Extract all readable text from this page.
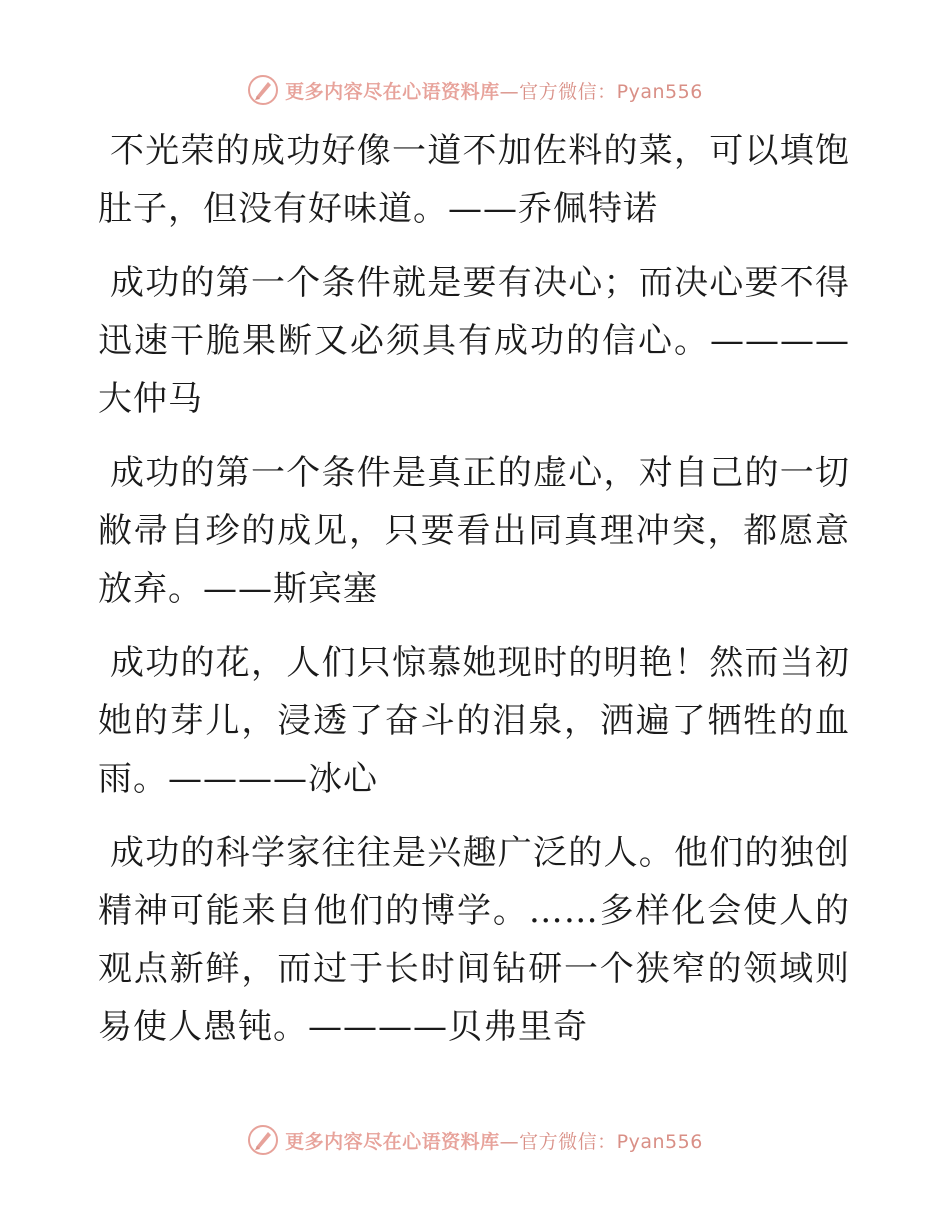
更多内容尽在心语资料库—官方微信：Pyan556

不光荣的成功好像一道不加佐料的菜，可以填饱肚子，但没有好味道。——乔佩特诺

成功的第一个条件就是要有决心；而决心要不得迅速干脆果断又必须具有成功的信心。————大仲马

成功的第一个条件是真正的虚心，对自己的一切敝帚自珍的成见，只要看出同真理冲突，都愿意放弃。——斯宾塞

成功的花，人们只惊慕她现时的明艳！然而当初她的芽儿，浸透了奋斗的泪泉，洒遍了牺牲的血雨。————冰心

成功的科学家往往是兴趣广泛的人。他们的独创精神可能来自他们的博学。……多样化会使人的观点新鲜，而过于长时间钻研一个狭窄的领域则易使人愚钝。————贝弗里奇

更多内容尽在心语资料库—官方微信：Pyan556
